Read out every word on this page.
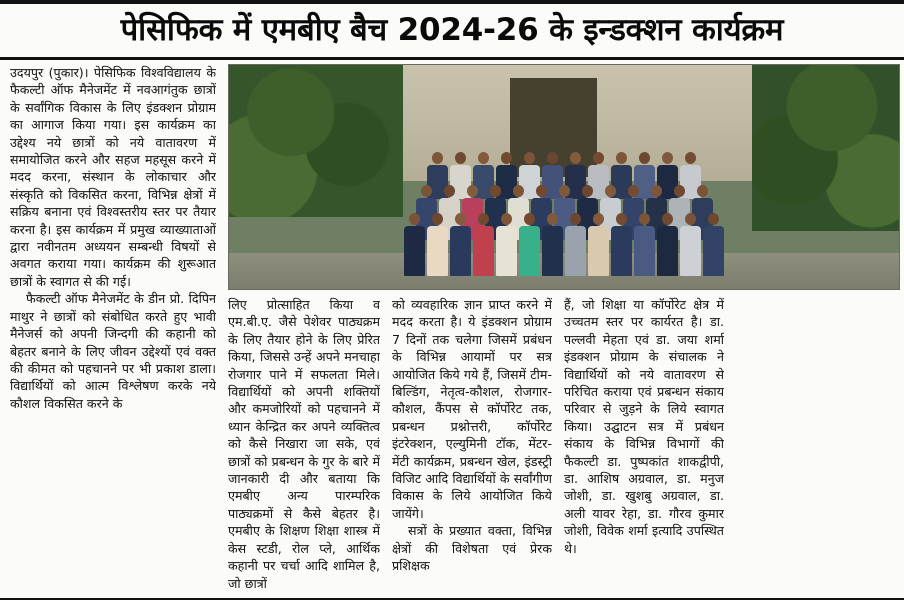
पेसिफिक में एमबीए बैच 2024-26 के इन्डक्शन कार्यक्रम

उदयपुर (पुकार)। पेसिफिक विश्वविद्यालय के फैकल्टी ऑफ मैनेजमेंट में नवआगंतुक छात्रों के सर्वांगिक विकास के लिए इंडक्शन प्रोग्राम का आगाज किया गया। इस कार्यक्रम का उद्देश्य नये छात्रों को नये वातावरण में समायोजित करने और सहज महसूस करने में मदद करना, संस्थान के लोकाचार और संस्कृति को विकसित करना, विभिन्न क्षेत्रों में सक्रिय बनाना एवं विश्वस्तरीय स्तर पर तैयार करना है। इस कार्यक्रम में प्रमुख व्याख्याताओं द्वारा नवीनतम अध्ययन सम्बन्धी विषयों से अवगत कराया गया। कार्यक्रम की शुरूआत छात्रों के स्वागत से की गई।

फैकल्टी ऑफ मैनेजमेंट के डीन प्रो. दिपिन माथुर ने छात्रों को संबोधित करते हुए भावी मैनेजर्स को अपनी जिन्दगी की कहानी को बेहतर बनाने के लिए जीवन उद्देश्यों एवं वक्त की कीमत को पहचानने पर भी प्रकाश डाला। विद्यार्थियों को आत्म विश्लेषण करके नये कौशल विकसित करने के

लिए प्रोत्साहित किया व एम.बी.ए. जैसे पेशेवर पाठ्यक्रम के लिए तैयार होने के लिए प्रेरित किया, जिससे उन्हें अपने मनचाहा रोजगार पाने में सफलता मिले। विद्यार्थियों को अपनी शक्तियों और कमजोरियों को पहचानने में ध्यान केन्द्रित कर अपने व्यक्तित्व को कैसे निखारा जा सके, एवं छात्रों को प्रबन्धन के गुर के बारे में जानकारी दी और बताया कि एमबीए अन्य पारम्परिक पाठ्यक्रमों से कैसे बेहतर है। एमबीए के शिक्षण शिक्षा शास्त्र में केस स्टडी, रोल प्ले, आर्थिक कहानी पर चर्चा आदि शामिल है, जो छात्रों

को व्यवहारिक ज्ञान प्राप्त करने में मदद करता है। ये इंडक्शन प्रोग्राम 7 दिनों तक चलेगा जिसमें प्रबंधन के विभिन्न आयामों पर सत्र आयोजित किये गये हैं, जिसमें टीम-बिल्डिंग, नेतृत्व-कौशल, रोजगार-कौशल, कैंपस से कॉर्पोरेट तक, प्रबन्धन प्रश्नोत्तरी, कॉर्पोरेट इंटरेक्शन, एल्युमिनी टॉक, मेंटर-मेंटी कार्यक्रम, प्रबन्धन खेल, इंडस्ट्री विजिट आदि विद्यार्थियों के सर्वांगीण विकास के लिये आयोजित किये जायेंगे।

सत्रों के प्रख्यात वक्ता, विभिन्न क्षेत्रों की विशेषता एवं प्रेरक प्रशिक्षक

हैं, जो शिक्षा या कॉर्पोरेट क्षेत्र में उच्चतम स्तर पर कार्यरत है। डा. पल्लवी मेहता एवं डा. जया शर्मा इंडक्शन प्रोग्राम के संचालक ने विद्यार्थियों को नये वातावरण से परिचित कराया एवं प्रबन्धन संकाय परिवार से जुड़ने के लिये स्वागत किया। उद्घाटन सत्र में प्रबंधन संकाय के विभिन्न विभागों की फैकल्टी डा. पुष्पकांत शाकद्वीपी, डा. आशिष अग्रवाल, डा. मनुज जोशी, डा. खुशबु अग्रवाल, डा. अली यावर रेहा, डा. गौरव कुमार जोशी, विवेक शर्मा इत्यादि उपस्थित थे।
